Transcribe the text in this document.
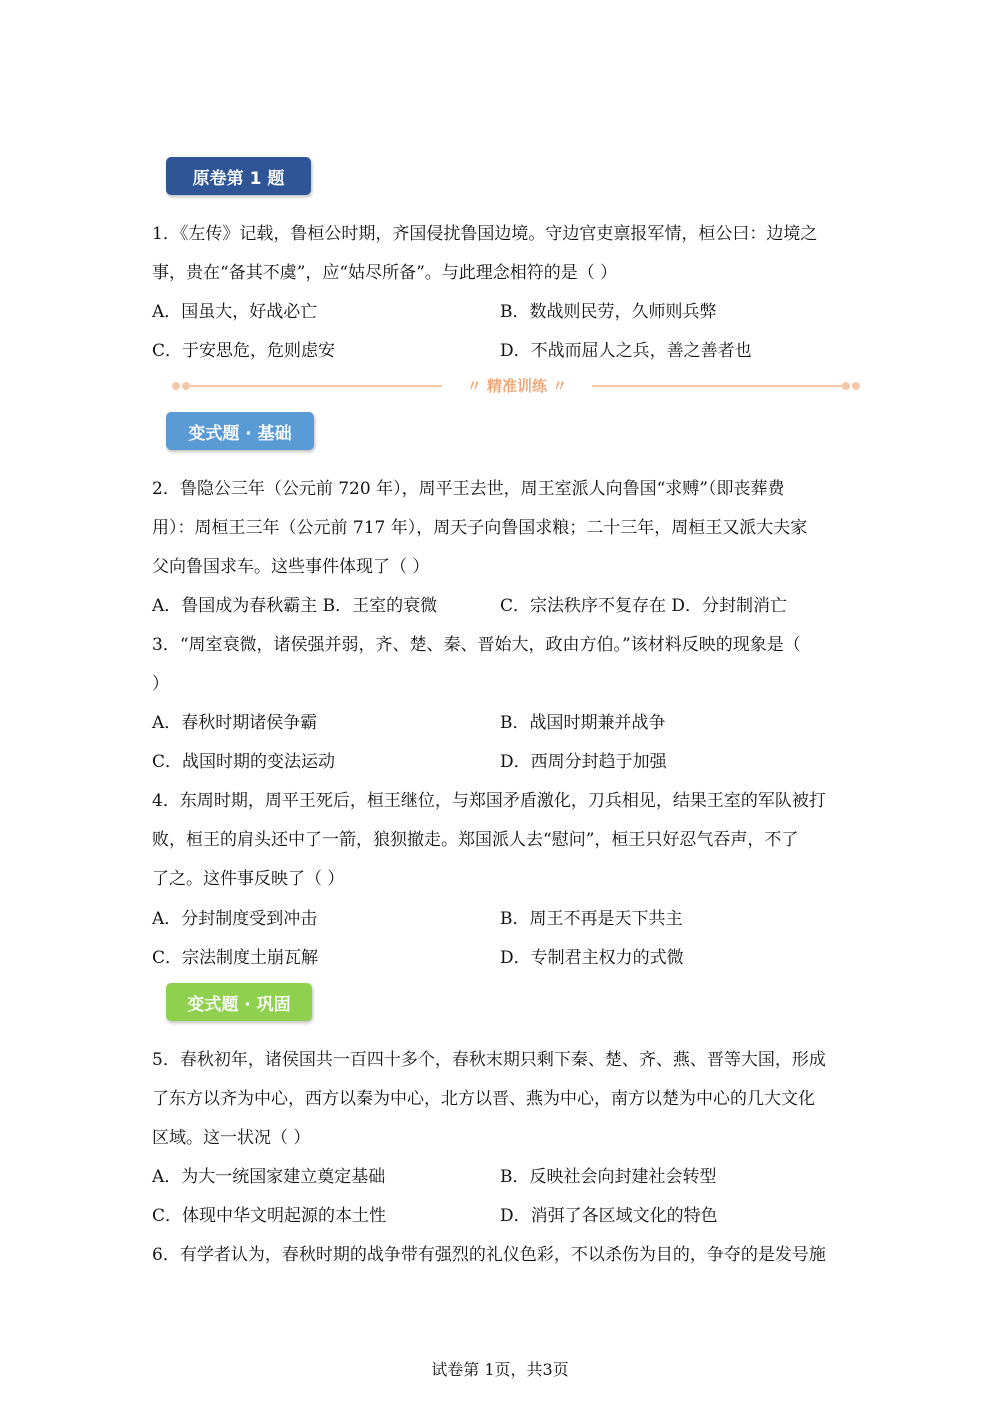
原卷第 1 题
1．《左传》记载，鲁桓公时期，齐国侵扰鲁国边境。守边官吏禀报军情，桓公曰：边境之
事，贵在“备其不虞”，应“姑尽所备”。与此理念相符的是（ ）
A．国虽大，好战必亡	B．数战则民劳，久师则兵弊
C．于安思危，危则虑安	D．不战而屈人之兵，善之善者也
〃 精准训练 〃
变式题 · 基础
2．鲁隐公三年（公元前 720 年），周平王去世，周王室派人向鲁国“求赙”（即丧葬费
用）：周桓王三年（公元前 717 年），周天子向鲁国求粮；二十三年，周桓王又派大夫家
父向鲁国求车。这些事件体现了（ ）
A．鲁国成为春秋霸主 B．王室的衰微	C．宗法秩序不复存在 D．分封制消亡
3．“周室衰微，诸侯强并弱，齐、楚、秦、晋始大，政由方伯。”该材料反映的现象是（
）
A．春秋时期诸侯争霸	B．战国时期兼并战争
C．战国时期的变法运动	D．西周分封趋于加强
4．东周时期，周平王死后，桓王继位，与郑国矛盾激化，刀兵相见，结果王室的军队被打
败，桓王的肩头还中了一箭，狼狈撤走。郑国派人去“慰问”，桓王只好忍气吞声，不了
了之。这件事反映了（ ）
A．分封制度受到冲击	B．周王不再是天下共主
C．宗法制度土崩瓦解	D．专制君主权力的式微
变式题 · 巩固
5．春秋初年，诸侯国共一百四十多个，春秋末期只剩下秦、楚、齐、燕、晋等大国，形成
了东方以齐为中心，西方以秦为中心，北方以晋、燕为中心，南方以楚为中心的几大文化
区域。这一状况（ ）
A．为大一统国家建立奠定基础	B．反映社会向封建社会转型
C．体现中华文明起源的本土性	D．消弭了各区域文化的特色
6．有学者认为，春秋时期的战争带有强烈的礼仪色彩，不以杀伤为目的，争夺的是发号施
试卷第 1页，共3页
